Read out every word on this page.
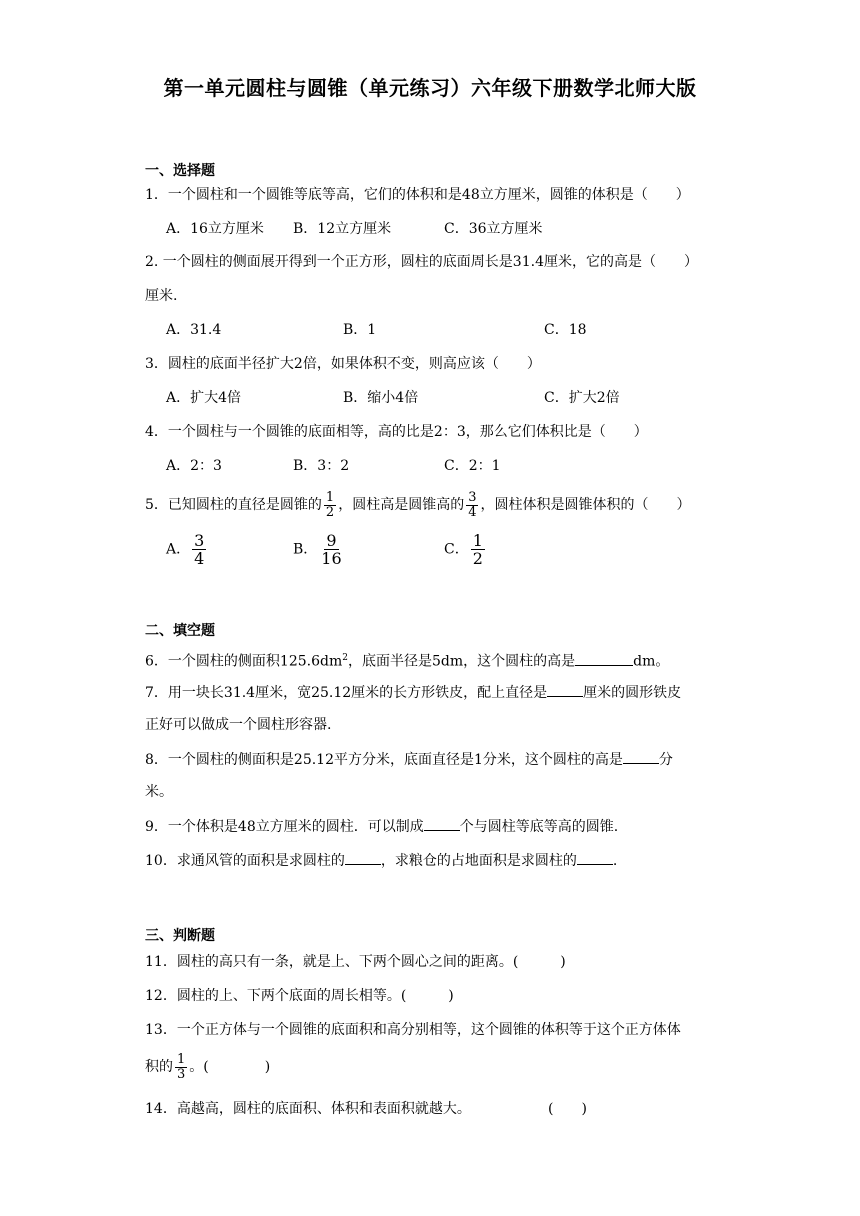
第一单元圆柱与圆锥（单元练习）六年级下册数学北师大版
一、选择题
1．一个圆柱和一个圆锥等底等高，它们的体积和是48立方厘米，圆锥的体积是（　　）
A．16立方厘米 B．12立方厘米	C．36立方厘米
2. 一个圆柱的侧面展开得到一个正方形，圆柱的底面周长是31.4厘米，它的高是（　　）
厘米.
A．31.4	B．1	C．18
3．圆柱的底面半径扩大2倍，如果体积不变，则高应该（　　）
A．扩大4倍	B．缩小4倍	C．扩大2倍
4．一个圆柱与一个圆锥的底面相等，高的比是2：3，那么它们体积比是（　　）
A．2：3	B．3：2	C．2：1
5．已知圆柱的直径是圆锥的 $\frac{1}{2}$ ，圆柱高是圆锥高的 $\frac{3}{4}$ ，圆柱体积是圆锥体积的（　　）
A． $\frac{3}{4}$	B． $\frac{9}{16}$	C． $\frac{1}{2}$
二、填空题
6．一个圆柱的侧面积$125.6dm^2$，底面半径是5dm，这个圆柱的高是	dm。
7．用一块长31.4厘米，宽25.12厘米的长方形铁皮，配上直径是	厘米的圆形铁皮
正好可以做成一个圆柱形容器.
8．一个圆柱的侧面积是25.12平方分米，底面直径是1分米，这个圆柱的高是	分
米。
9．一个体积是48立方厘米的圆柱．可以制成	个与圆柱等底等高的圆锥.
10．求通风管的面积是求圆柱的	，求粮仓的占地面积是求圆柱的	.
三、判断题
11．圆柱的高只有一条，就是上、下两个圆心之间的距离。(　　　)
12．圆柱的上、下两个底面的周长相等。(　　　)
13．一个正方体与一个圆锥的底面积和高分别相等，这个圆锥的体积等于这个正方体体
积的 $\frac{1}{3}$ 。(　　　　)
14．高越高，圆柱的底面积、体积和表面积就越大。	(　　)
